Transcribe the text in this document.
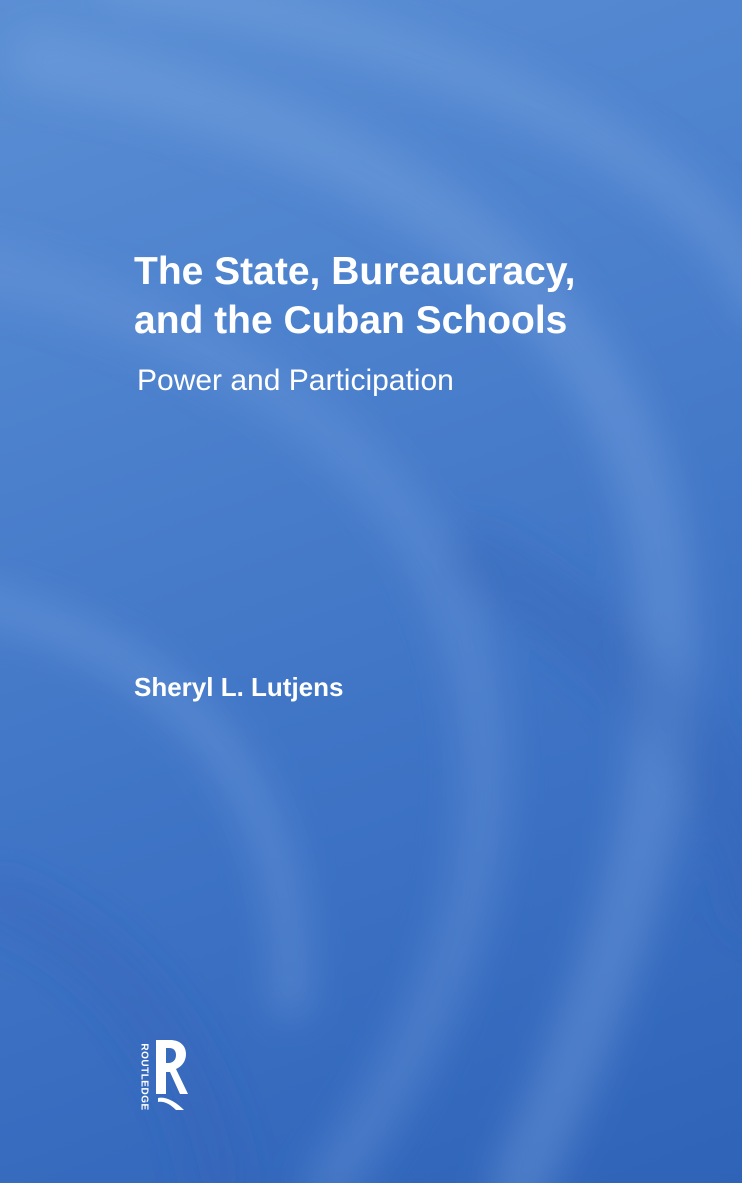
The State, Bureaucracy,
and the Cuban Schools
Power and Participation
Sheryl L. Lutjens
ROUTLEDGE
